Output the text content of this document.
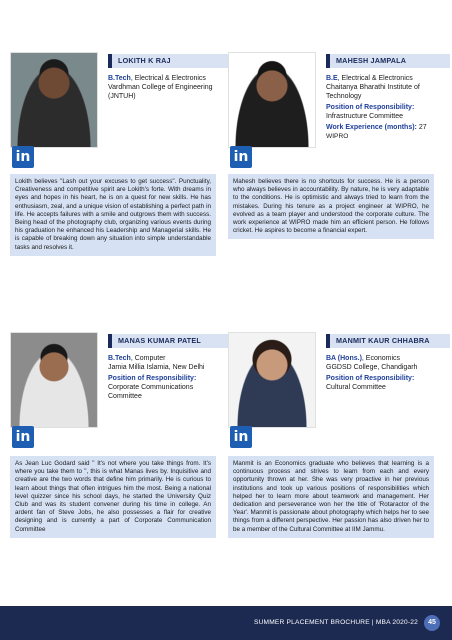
LOKITH K RAJ
B.Tech, Electrical & Electronics
Vardhman College of Engineering (JNTUH)
in
Lokith believes "Lash out your excuses to get success". Punctuality, Creativeness and competitive spirit are Lokith's forte. With dreams in eyes and hopes in his heart, he is on a quest for new skills. He has enthusiasm, zeal, and a unique vision of establishing a perfect path in life. He accepts failures with a smile and outgrows them with success. Being head of the photography club, organizing various events during his graduation he enhanced his Leadership and Managerial skills. He is capable of breaking down any situation into simple understandable tasks and resolves it.
MAHESH JAMPALA
B.E, Electrical & Electronics
Chaitanya Bharathi Institute of Technology
Position of Responsibility:
Infrastructure Committee
Work Experience (months): 27
WIPRO
in
Mahesh believes there is no shortcuts for success. He is a person who always believes in accountability. By nature, he is very adaptable to the conditions. He is optimistic and always tried to learn from the mistakes. During his tenure as a project engineer at WIPRO, he evolved as a team player and understood the corporate culture. The work experience at WIPRO made him an efficient person. He follows cricket. He aspires to become a financial expert.
MANAS KUMAR PATEL
B.Tech, Computer
Jamia Millia Islamia, New Delhi
Position of Responsibility:
Corporate Communications Committee
in
As Jean Luc Godard said " It's not where you take things from. It's where you take them to ", this is what Manas lives by. Inquisitive and creative are the two words that define him primarily. He is curious to learn about things that often intrigues him the most. Being a national level quizzer since his school days, he started the University Quiz Club and was its student convener during his time in college. An ardent fan of Steve Jobs, he also possesses a flair for creative designing and is currently a part of Corporate Communication Committee
MANMIT KAUR CHHABRA
BA (Hons.), Economics
GGDSD College, Chandigarh
Position of Responsibility:
Cultural Committee
in
Manmit is an Economics graduate who believes that learning is a continuous process and strives to learn from each and every opportunity thrown at her. She was very proactive in her previous institutions and took up various positions of responsibilities which helped her to learn more about teamwork and management. Her dedication and perseverance won her the title of 'Rotaractor of the Year'. Manmit is passionate about photography which helps her to see things from a different perspective. Her passion has also driven her to be a member of the Cultural Committee at IIM Jammu.
SUMMER PLACEMENT BROCHURE | MBA 2020-22	45
